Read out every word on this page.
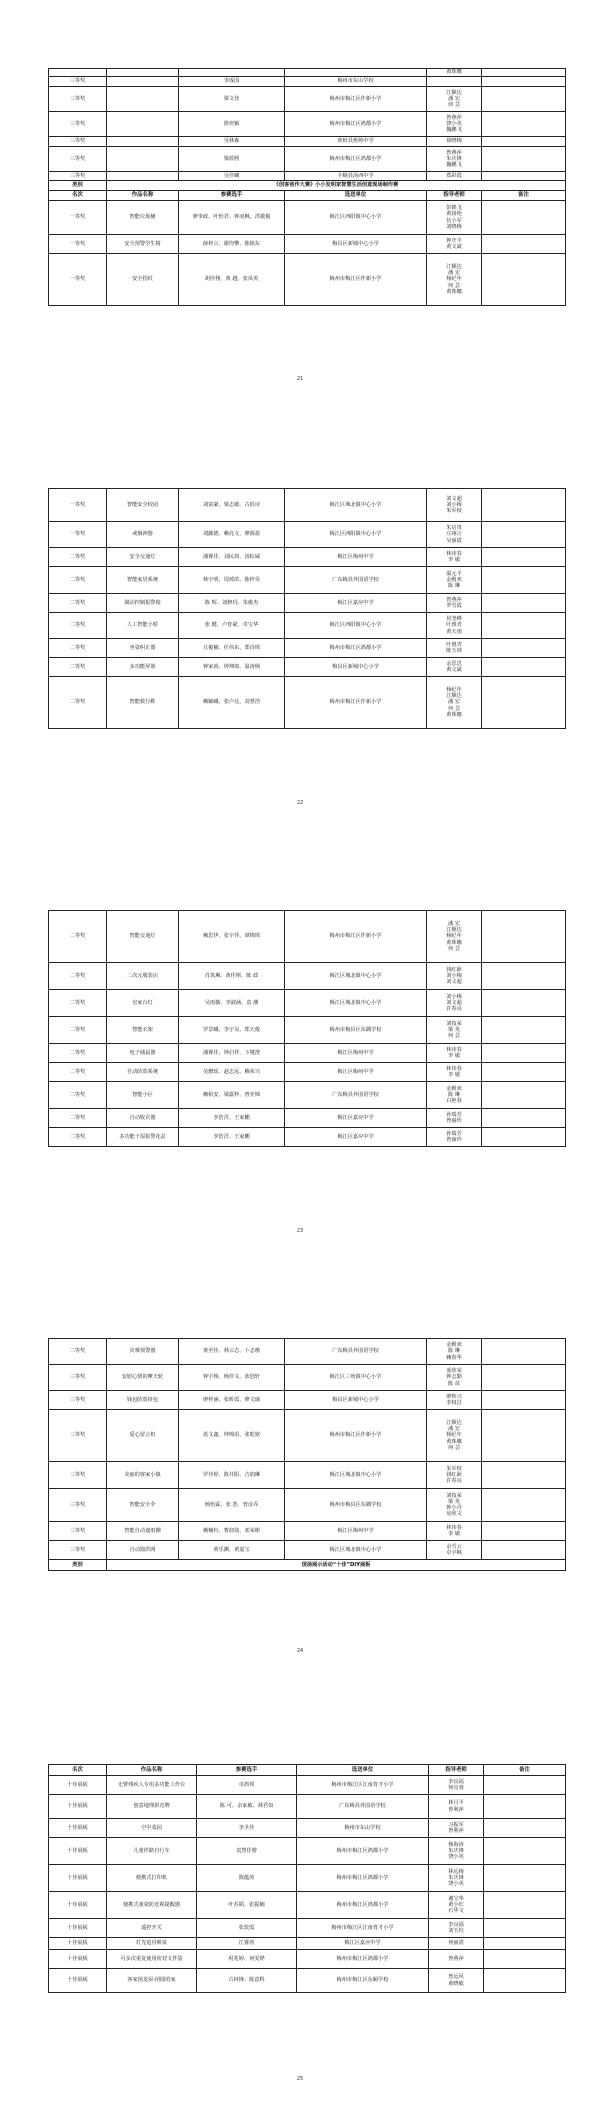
				黄珠娜	

三等奖		李成国	梅州市东山学校		
三等奖		梁文佳	梅州市梅江区作新小学	江顺达
潘 宏
何 芸	

三等奖		徐奕颖	梅州市梅江区鸿都小学	曾燕萍
饶小英
魏鹏飞	

三等奖		吴林森	蕉岭县蕉岭中学	徐晓梅	

三等奖		梁蓝熙	梅州市梅江区鸿都小学	曾燕萍
朱庆锋
魏鹏飞	

三等奖		吴佳曦	丰顺县汤西中学	郑彩霞	

类别	《创客创作大赛》小小发明家智慧生活创意现场制作赛				
名次	作品名称	参赛选手	选送单位	指导老师	备注
一等奖	智能垃圾桶	廖李政、叶怡君、钟凌枫、洪敏俊	梅江区西阳镇中心小学	彭锦飞
黄扬艳
伍小军
刘晓梅	

一等奖	安全预警学生椅	薛梓言、谢均擎、陈铭东	梅县区新城中心小学	钟庆丰
黄文斌	

一等奖	安全拐杖	胡佳栩、黄 越、张凤英	梅州市梅江区作新小学	江顺达
潘 宏
杨纪年
何 芸
黄珠娜	

21
一等奖	智能安全校园	刘富豪、梁志敏、古俏诗	梅江区城北镇中心小学	刘文超
刘小梅
朱军权	

一等奖	戒烟神器	刘懿德、赖亮文、廖源盈	梅江区西阳镇中心小学	朱启贵
庄翊言
吴丽霞	

二等奖	安全交通灯	潘睿佳、刘民润、汤棕威	梅江区梅州中学	林伟春
李 敏	

二等奖	智能家居系统	林宇明、周焯滨、陈梓昊	广东梅县外国语学校	温元平
金殿欢
陈 琳	

二等奖	制动控制报警箱	陈 辉、刘修玛、朱俊杰	梅江区嘉应中学	曾燕萍
罗雪霞	

二等奖	人工智能小轿	张 健、卢育豪、卓宝华	梅江区西阳镇中心小学	侯尧峰
叶惠青
黄天雨	

二等奖	坐姿纠正器	丘俊楠、任伟东、郑诗琪	梅州市梅江区鸿都小学	叶惠青
陈玉林	

二等奖	多功能屏篮	钟家裕、钟翔如、温涛栩	梅县区新城中心小学	余思思
黄文斌	

二等奖	智能救行鞋	赖颖曦、张卢比、刘慧浩	梅州市梅江区作新小学	杨纪年
江顺达
潘 宏
何 芸
黄珠娜	

22
二等奖	智能交通灯	赖思伊、张宇佳、谭锦琪	梅州市梅江区作新小学	潘 宏
江顺达
杨纪年
黄珠娜
何 芸	

二等奖	二次元服装店	肖筑琳、黄佳斯、陈 政	梅江区城北镇中心小学	钱红耿
刘小梅
刘文超	

二等奖	皇家台灯	吴雨薇、李淑涵、袁 潮	梅江区城北镇中心小学	刘小梅
刘文超
许春良	

二等奖	智能衣架	罗景曦、李宇昊、郑天俊	梅州市梅县区东隅学校	刘枝荣
梁 英
何 芸	

二等奖	电子捕鼠器	潘睿佳、钟启祥、卞燮澄	梅江区梅州中学	林伟春
李 敏	

二等奖	自动防盗系统	吴懋瑶、赵志远、赖荣兴	梅江区梅州中学	林伟春
李 敏	

二等奖	智能小区	赖柏安、梁露梓、曾奕锦	广东梅县外国语学校	金殿欢
陈 琳
白艳春	

二等奖	自动收衣器	李浩洋、王家鹏	梅江区嘉应中学	孙瑞芳
曾丽珍	

二等奖	多功能干湿报警花盆	李浩洋、王家鹏	梅江区嘉应中学	孙瑞芳
曾丽珍	

23
二等奖	灾难预警器	黄至挂、林云志、卜志楷	广东梅县外国语学校	金殿欢
陈 琳
赖春华	

三等奖	安慰心情的摩天轮	钟宇杨、杨佳文、蓝创轩	梅江区三角镇中心小学	蓝欣荣
钟志勤
陈 苗	

三等奖	钱包防盗挤包	廖梓涵、张昕霞、廖文瑜	梅县区新城中心小学	廖辉兴
李权昌	

三等奖	爱心留言机	蓝文鑫、钟锦涓、张乾铭	梅州市梅江区作新小学	江顺达
潘 宏
杨纪年
黄珠娜
何 芸	

三等奖	美丽的客家小镇	罗佳婷、陈井阳、吉润琳	梅江区城北镇中心小学	朱军权
钱红耿
许春良	

三等奖	智能安全伞	杨怡霖、张 荟、曾彦乔	梅州市梅县区东隅学校	刘枝荣
梁 英
钟小丹
房欣文	

三等奖	智能自动遮雨棚	赖楠杉、曹润效、邓荣彬	梅江区梅州中学	林伟春
李 敏	

三等奖	自动溜洪网	黄乐渊、黄嘉宝	梅江区城北镇中心小学	余雪云
卓宇枫	

类别	现场展示活动“十佳”DIY展板				
24
名次	作品名称	参赛选手	选送单位	指导老师	备注
十佳展板	无臂残疾人专用多功能工作台	卓鸿邦	梅州市梅江区江南育才小学	李良福
何亮蓉	

十佳展板	创意地理拼竞牌	陈 可、余家敏、林君如	广东梅县外国语学校	林月平
曾利萍	

十佳展板	空中菜园	李圣佳	梅州市东山学校	习振军
曾利萍	

十佳展板	儿童伴路自行车	袁慧佳增	梅州市梅江区鸿都小学	杨海涛
朱庆锋
饶小英	

十佳展板	便携式打印机	陈蕴涛	梅州市梅江区鸿都小学	林远梅
朱庆锋
饶小英	

十佳展板	便携式童姿防近视提醒器	叶苏韬、张振楠	梅州市梅江区鸿都小学	谢宝华
黄小红
石华文	

十佳展板	遥控开关	张敦霞	梅州市梅江区江南育才小学	李良福
刘玉柱	

十佳展板	灯光追昼喷泉	江睿涛	梅江区嘉应中学	何丽清	

十佳展板	可多次重复使用密封文件袋	祝兆婷、何雯烨	梅州市梅江区鸿都小学	曾燕萍	

十佳展板	客家围龙屋-团圆的家	古林锋、陈意科	梅州市梅江区东厢学校	曾远风
黄晓敏	

25
